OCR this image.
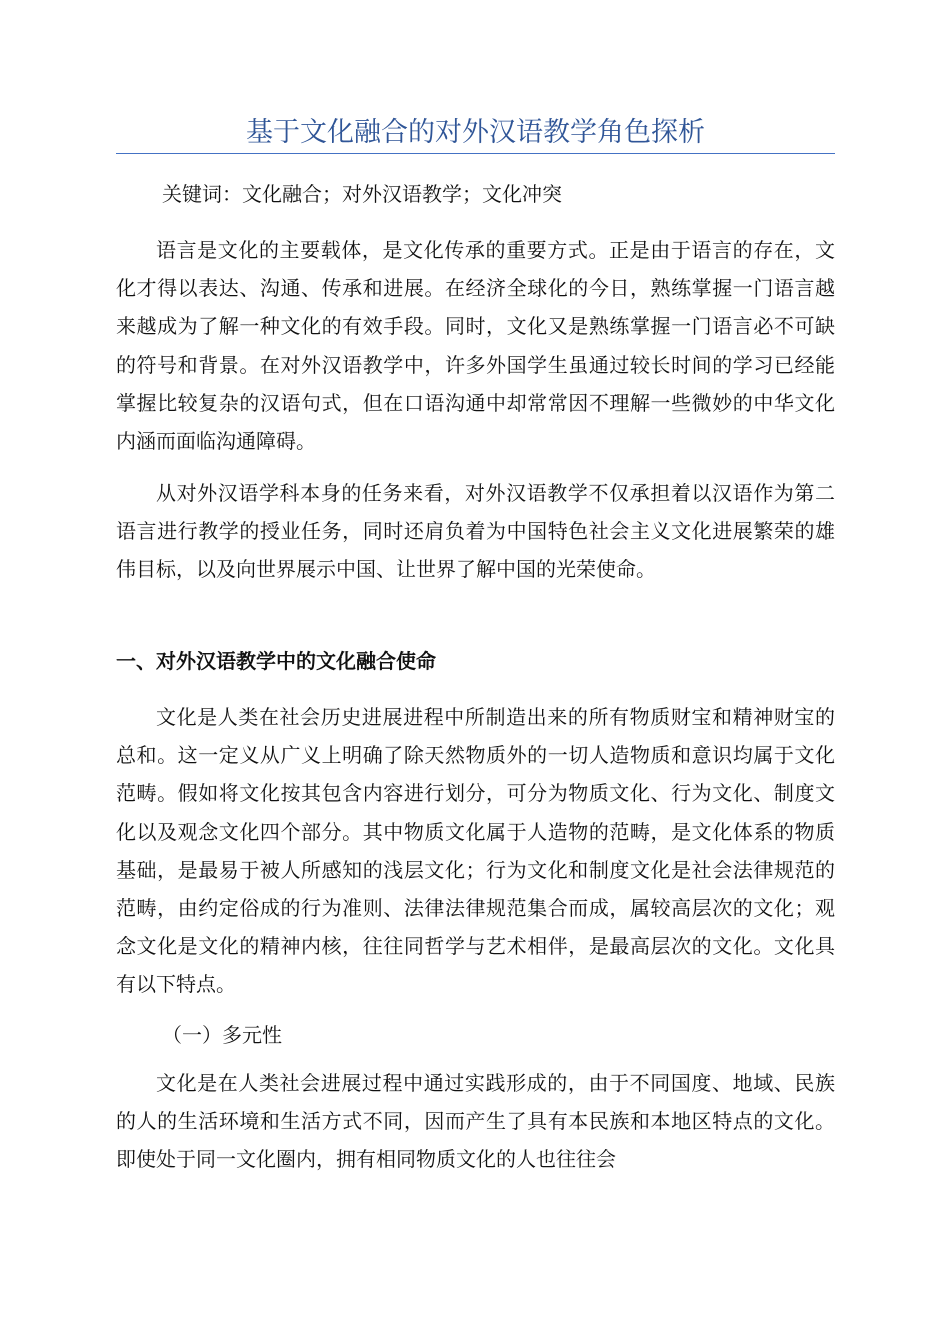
基于文化融合的对外汉语教学角色探析

关键词：文化融合；对外汉语教学；文化冲突

语言是文化的主要载体，是文化传承的重要方式。正是由于语言的存在，文化才得以表达、沟通、传承和进展。在经济全球化的今日，熟练掌握一门语言越来越成为了解一种文化的有效手段。同时，文化又是熟练掌握一门语言必不可缺的符号和背景。在对外汉语教学中，许多外国学生虽通过较长时间的学习已经能掌握比较复杂的汉语句式，但在口语沟通中却常常因不理解一些微妙的中华文化内涵而面临沟通障碍。

从对外汉语学科本身的任务来看，对外汉语教学不仅承担着以汉语作为第二语言进行教学的授业任务，同时还肩负着为中国特色社会主义文化进展繁荣的雄伟目标，以及向世界展示中国、让世界了解中国的光荣使命。

一、对外汉语教学中的文化融合使命

文化是人类在社会历史进展进程中所制造出来的所有物质财宝和精神财宝的总和。这一定义从广义上明确了除天然物质外的一切人造物质和意识均属于文化范畴。假如将文化按其包含内容进行划分，可分为物质文化、行为文化、制度文化以及观念文化四个部分。其中物质文化属于人造物的范畴，是文化体系的物质基础，是最易于被人所感知的浅层文化；行为文化和制度文化是社会法律规范的范畴，由约定俗成的行为准则、法律法律规范集合而成，属较高层次的文化；观念文化是文化的精神内核，往往同哲学与艺术相伴，是最高层次的文化。文化具有以下特点。

（一）多元性

文化是在人类社会进展过程中通过实践形成的，由于不同国度、地域、民族的人的生活环境和生活方式不同，因而产生了具有本民族和本地区特点的文化。即使处于同一文化圈内，拥有相同物质文化的人也往往会
